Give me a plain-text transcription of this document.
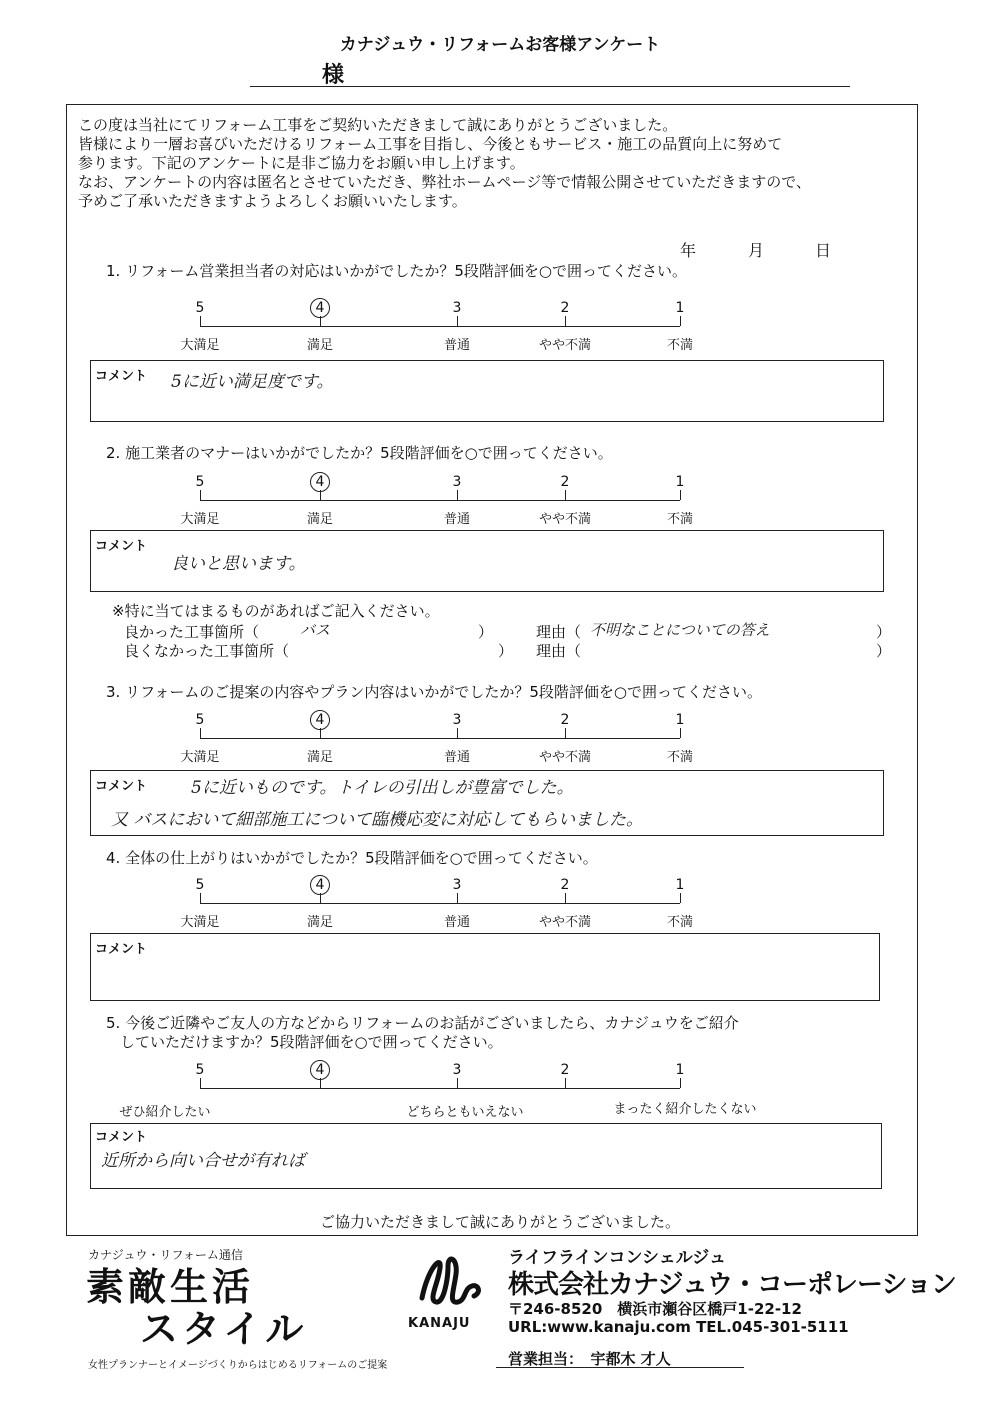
カナジュウ・リフォームお客様アンケート
様
この度は当社にてリフォーム工事をご契約いただきまして誠にありがとうございました。
皆様により一層お喜びいただけるリフォーム工事を目指し、今後ともサービス・施工の品質向上に努めて
参ります。下記のアンケートに是非ご協力をお願い申し上げます。
なお、アンケートの内容は匿名とさせていただき、弊社ホームページ等で情報公開させていただきますので、
予めご了承いただきますようよろしくお願いいたします。
年	月	日
1. リフォーム営業担当者の対応はいかがでしたか？5段階評価を○で囲ってください。
5
大満足
4
満足
3
普通
2
やや不満
1
不満
コメント 5に近い満足度です。
2. 施工業者のマナーはいかがでしたか？5段階評価を○で囲ってください。
5
大満足
4
満足
3
普通
2
やや不満
1
不満
コメント
良いと思います。
※特に当てはまるものがあればご記入ください。
良かった工事箇所（	バス	）	理由（ 不明なことについての答え	）
良くなかった工事箇所（	） 理由（	）
3. リフォームのご提案の内容やプラン内容はいかがでしたか？5段階評価を○で囲ってください。
5
大満足
4
満足
3
普通
2
やや不満
1
不満
コメント	5に近いものです。トイレの引出しが豊富でした。
又 バスにおいて細部施工について臨機応変に対応してもらいました。
4. 全体の仕上がりはいかがでしたか？5段階評価を○で囲ってください。
5
大満足
4
満足
3
普通
2
やや不満
1
不満
コメント
5. 今後ご近隣やご友人の方などからリフォームのお話がございましたら、カナジュウをご紹介
していただけますか？5段階評価を○で囲ってください。
5	4	3	2	1
ぜひ紹介したい	どちらともいえない	まったく紹介したくない
コメント
近所から向い合せが有れば
ご協力いただきまして誠にありがとうございました。
カナジュウ・リフォーム通信
素敵生活
スタイル
女性プランナーとイメージづくりからはじめるリフォームのご提案
KANAJU
ライフラインコンシェルジュ
株式会社カナジュウ・コーポレーション
〒246-8520　横浜市瀬谷区橋戸1-22-12
URL:www.kanaju.com TEL.045-301-5111
営業担当：　宇都木 才人
